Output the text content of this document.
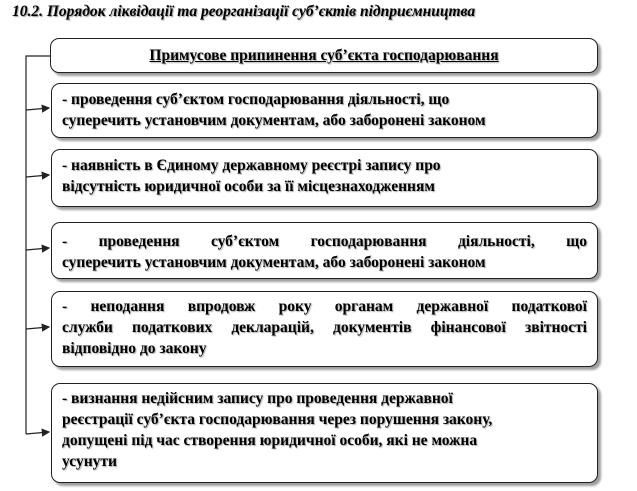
10.2. Порядок ліквідації та реорганізації суб’єктів підприємництва
Примусове припинення суб’єкта господарювання
- проведення суб’єктом господарювання діяльності, що
суперечить установчим документам, або заборонені законом
- наявність в Єдиному державному реєстрі запису про
відсутність юридичної особи за її місцезнаходженням
- проведення суб’єктом господарювання діяльності, що
суперечить установчим документам, або заборонені законом
- неподання впродовж року органам державної податкової
служби податкових декларацій, документів фінансової звітності
відповідно до закону
- визнання недійсним запису про проведення державної
реєстрації суб’єкта господарювання через порушення закону,
допущені під час створення юридичної особи, які не можна
усунути
